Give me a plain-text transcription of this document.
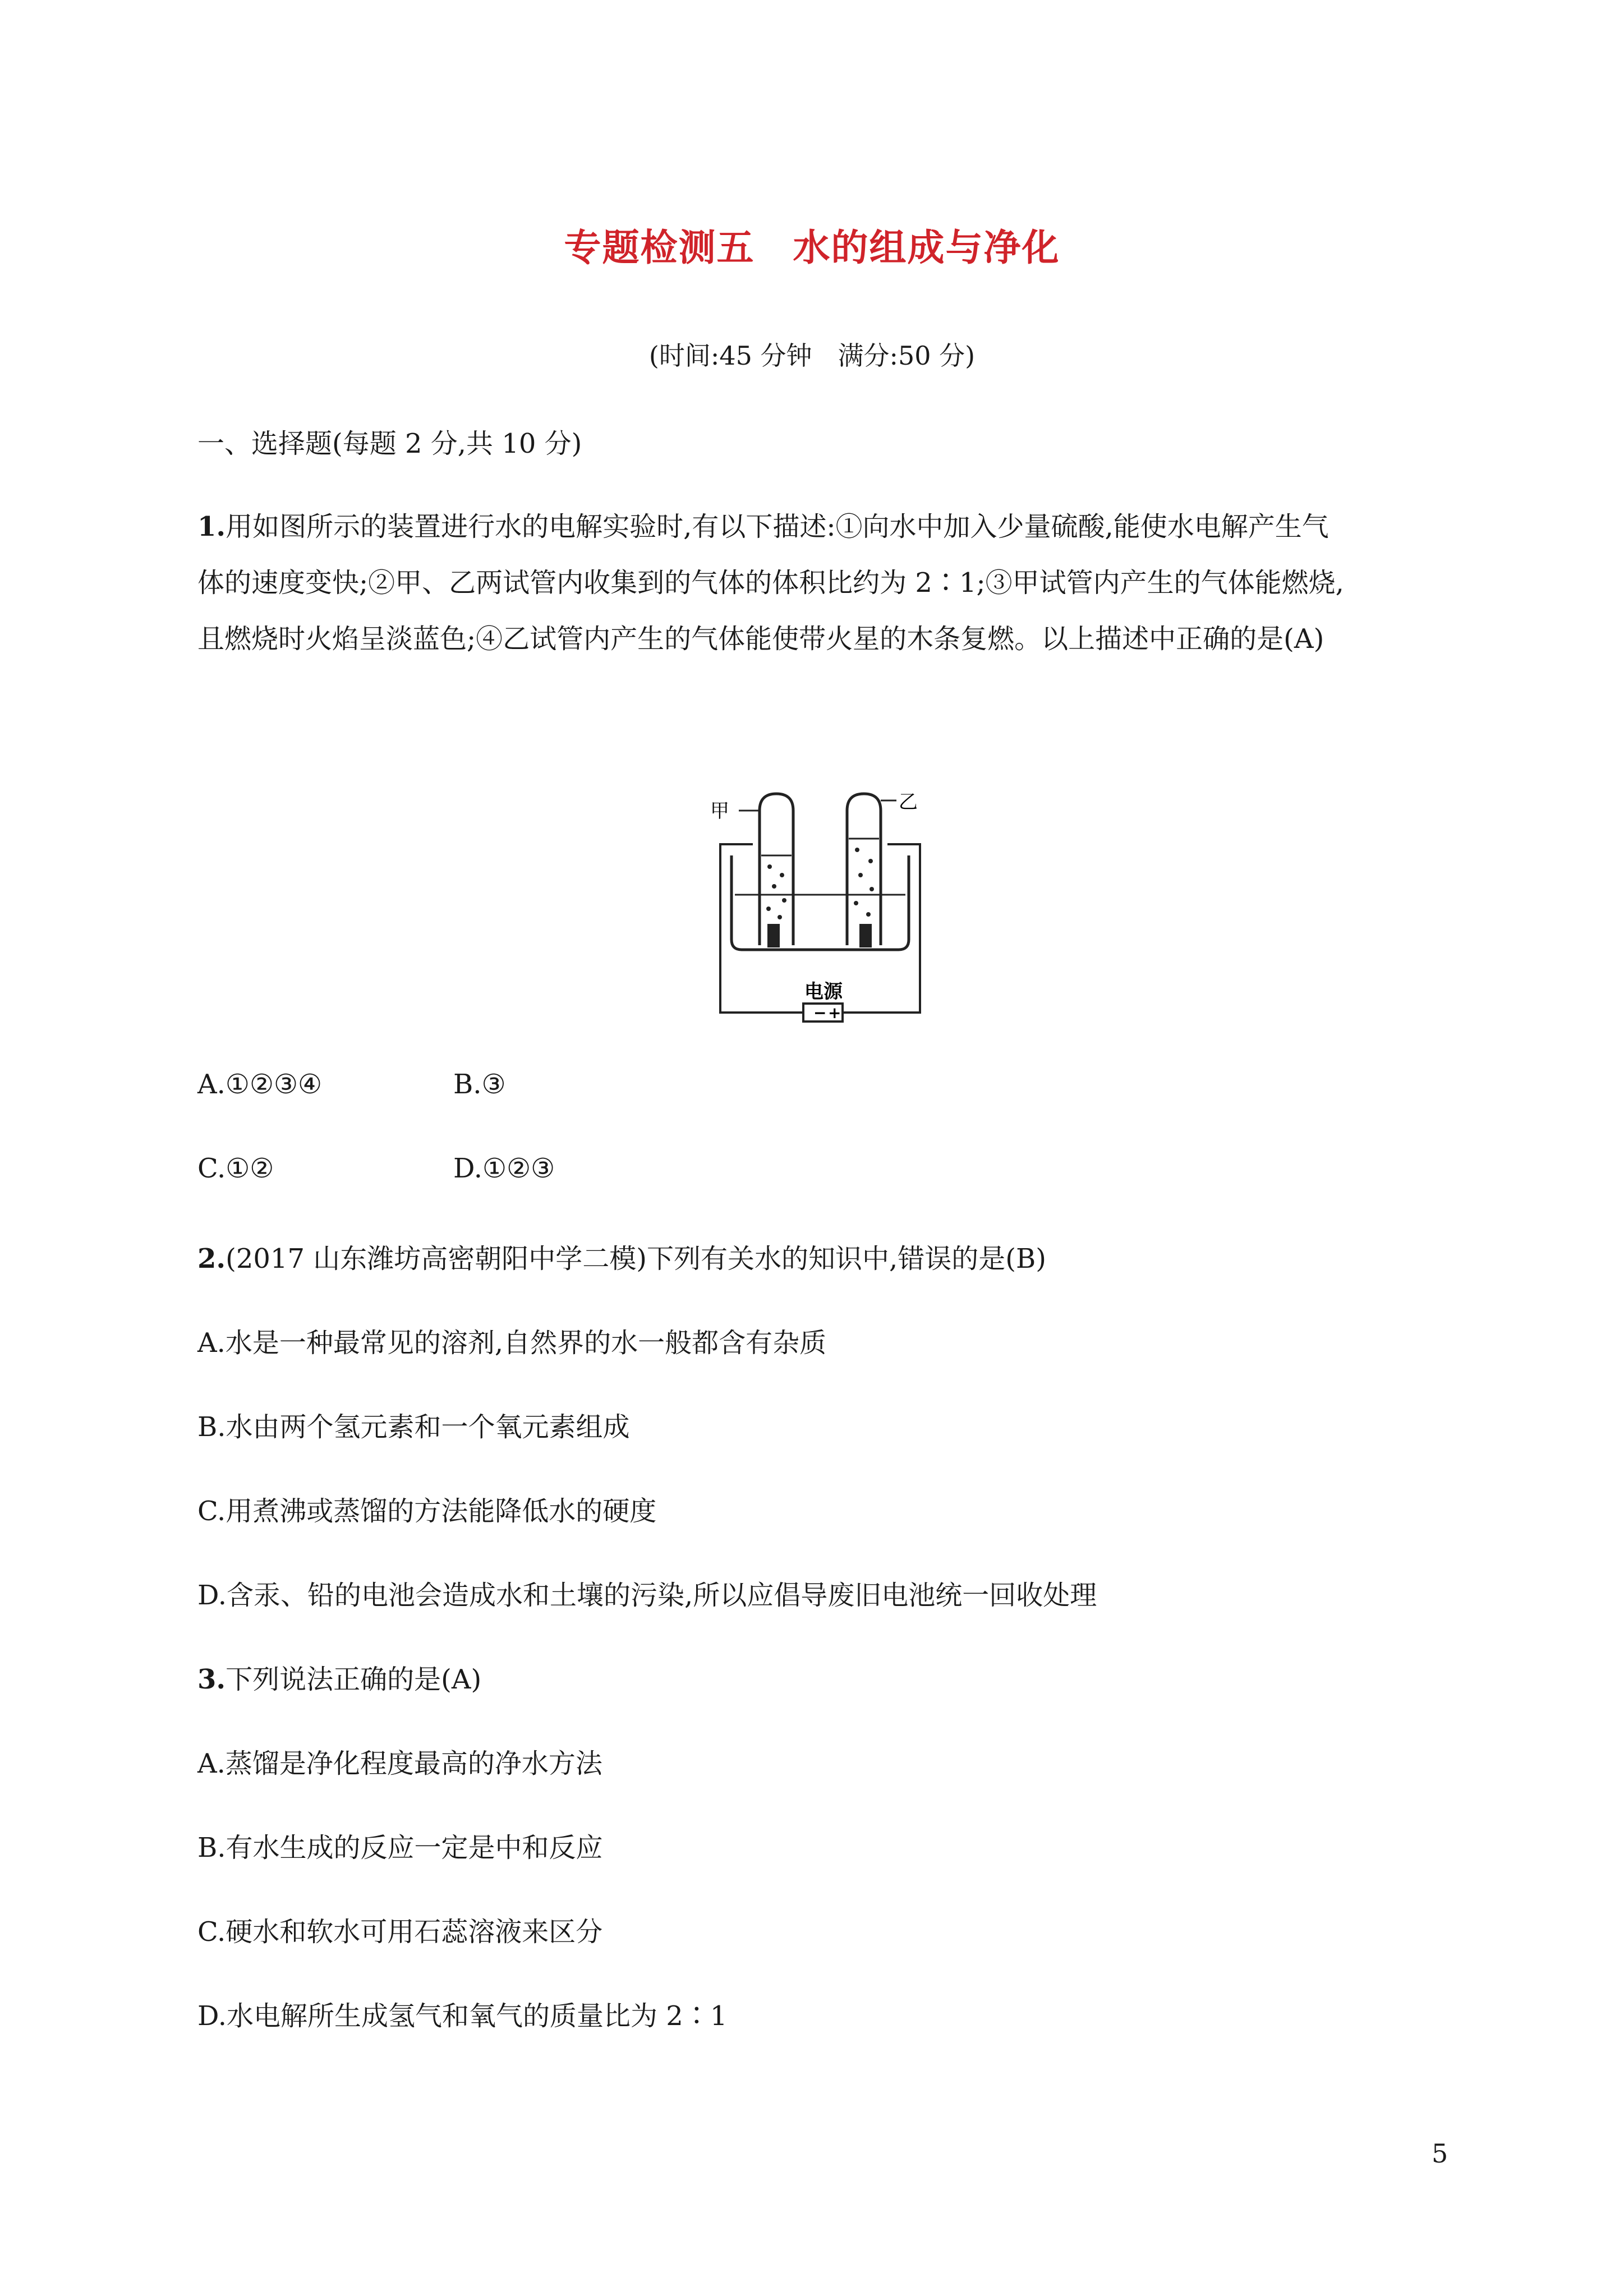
专题检测五　水的组成与净化
(时间:45 分钟　满分:50 分)
一、选择题(每题 2 分,共 10 分)
1.用如图所示的装置进行水的电解实验时,有以下描述:①向水中加入少量硫酸,能使水电解产生气
体的速度变快;②甲、乙两试管内收集到的气体的体积比约为 2∶1;③甲试管内产生的气体能燃烧,
且燃烧时火焰呈淡蓝色;④乙试管内产生的气体能使带火星的木条复燃。以上描述中正确的是(A)
− +
电源
甲	乙
A.①②③④	B.③
C.①②	D.①②③
2.(2017 山东潍坊高密朝阳中学二模)下列有关水的知识中,错误的是(B)
A.水是一种最常见的溶剂,自然界的水一般都含有杂质
B.水由两个氢元素和一个氧元素组成
C.用煮沸或蒸馏的方法能降低水的硬度
D.含汞、铅的电池会造成水和土壤的污染,所以应倡导废旧电池统一回收处理
3.下列说法正确的是(A)
A.蒸馏是净化程度最高的净水方法
B.有水生成的反应一定是中和反应
C.硬水和软水可用石蕊溶液来区分
D.水电解所生成氢气和氧气的质量比为 2∶1
5
